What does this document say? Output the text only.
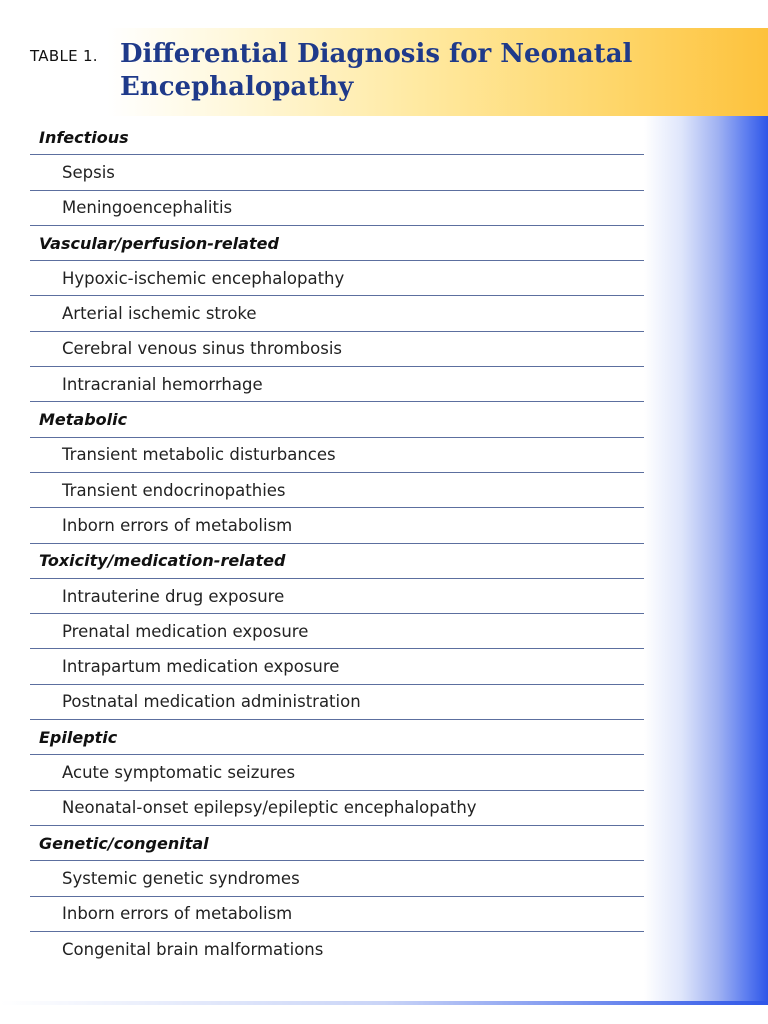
TABLE 1. Differential Diagnosis for Neonatal Encephalopathy
Infectious
Sepsis
Meningoencephalitis
Vascular/perfusion-related
Hypoxic-ischemic encephalopathy
Arterial ischemic stroke
Cerebral venous sinus thrombosis
Intracranial hemorrhage
Metabolic
Transient metabolic disturbances
Transient endocrinopathies
Inborn errors of metabolism
Toxicity/medication-related
Intrauterine drug exposure
Prenatal medication exposure
Intrapartum medication exposure
Postnatal medication administration
Epileptic
Acute symptomatic seizures
Neonatal-onset epilepsy/epileptic encephalopathy
Genetic/congenital
Systemic genetic syndromes
Inborn errors of metabolism
Congenital brain malformations
